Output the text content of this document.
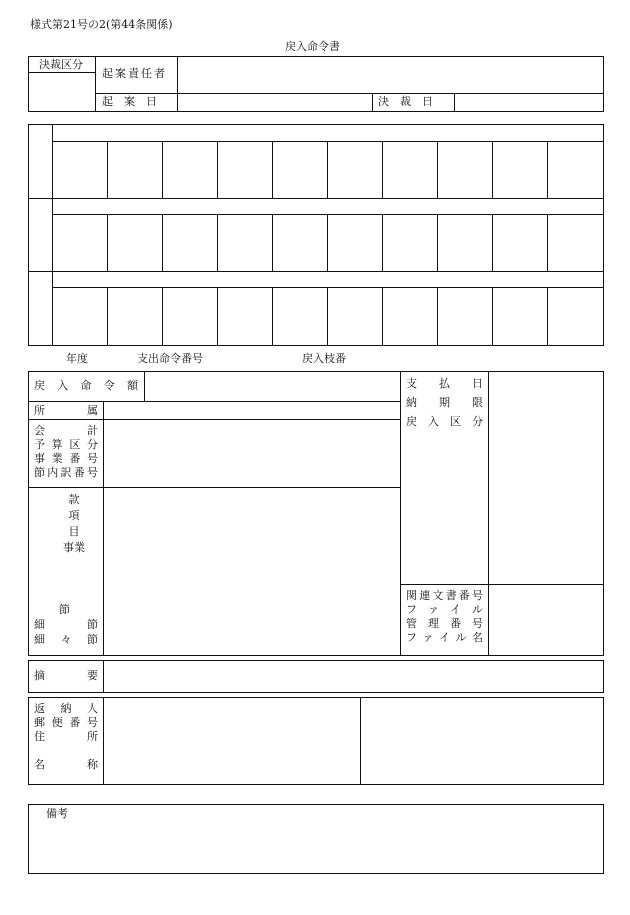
様式第21号の2(第44条関係)
戻入命令書
決裁区分
起案責任者
起　案　日	決　裁　日
年度	支出命令番号	戻入枝番
戻 入 命 令 額
所	属
会	計
予 算 区 分
事 業 番 号
節 内 訳 番 号
款
項
目
事業
節
細	節
細 々 節
支 払 日
納 期 限
戻 入 区 分
関 連 文 書 番 号
フ ァ イ ル
管 理 番 号
フ ァ イ ル 名
摘	要
返 納 人
郵 便 番 号
住	所
名	称
備考
